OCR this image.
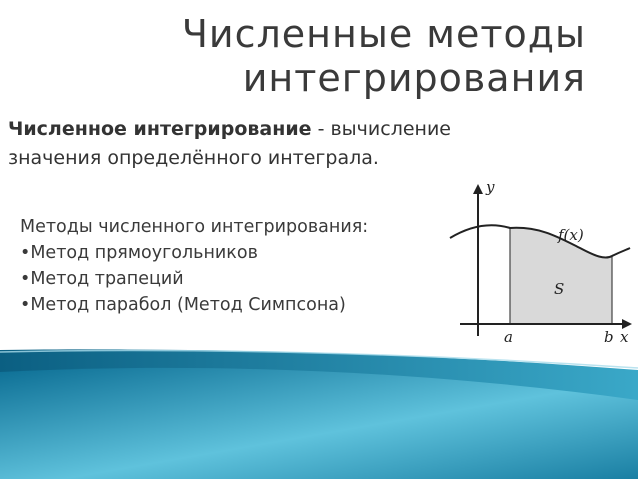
Численные методы
интегрирования
Численное интегрирование - вычисление
значения определённого интеграла.
Методы численного интегрирования:
•Метод прямоугольников
•Метод трапеций
•Метод парабол (Метод Симпсона)
y
x
f(x)
S
a	b
